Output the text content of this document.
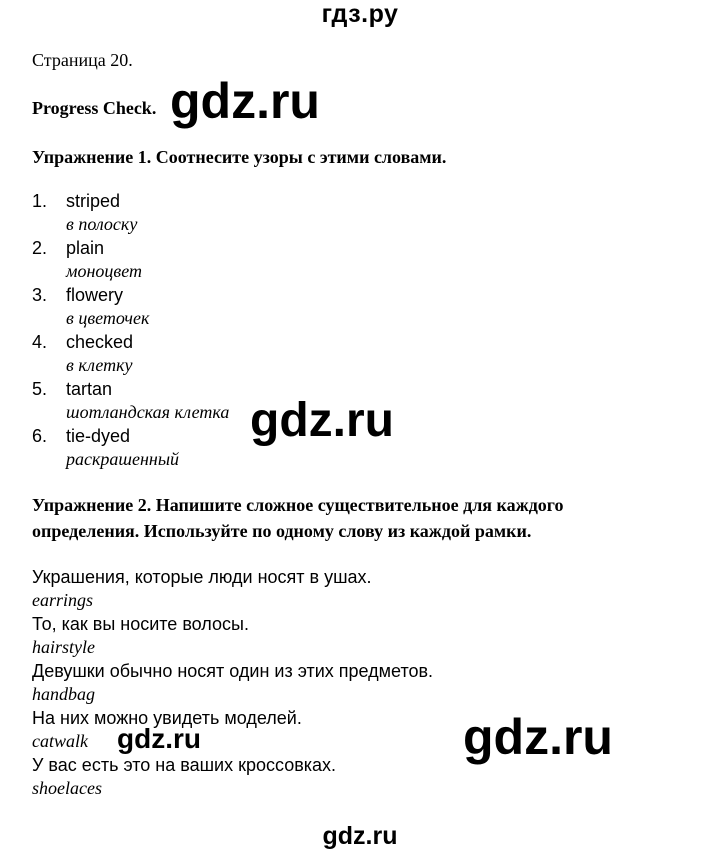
гдз.ру
Страница 20.
Progress Check. gdz.ru
Упражнение 1. Соотнесите узоры с этими словами.
1. striped
в полоску
2. plain
моноцвет
3. flowery
в цветочек
4. checked
в клетку
5. tartan
шотландская клетка
6. tie-dyed
раскрашенный
gdz.ru
Упражнение 2. Напишите сложное существительное для каждого
определения. Используйте по одному слову из каждой рамки.
Украшения, которые люди носят в ушах.
earrings
То, как вы носите волосы.
hairstyle
Девушки обычно носят один из этих предметов.
handbag
На них можно увидеть моделей.
catwalk
У вас есть это на ваших кроссовках.
shoelaces
gdz.ru	gdz.ru
gdz.ru
